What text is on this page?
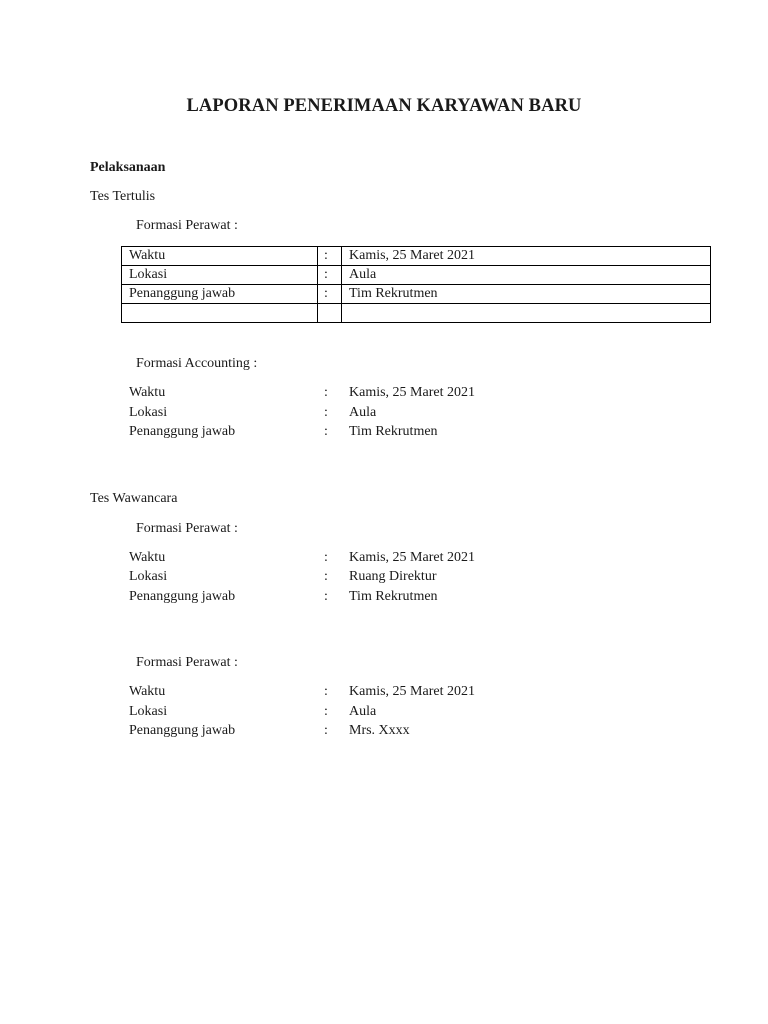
LAPORAN PENERIMAAN KARYAWAN BARU
Pelaksanaan
Tes Tertulis
Formasi Perawat :
Waktu	:	Kamis, 25 Maret 2021
Lokasi	:	Aula
Penanggung jawab	:	Tim Rekrutmen

Formasi Accounting :
Waktu	: Kamis, 25 Maret 2021
Lokasi	: Aula
Penanggung jawab	: Tim Rekrutmen
Tes Wawancara
Formasi Perawat :
Waktu	: Kamis, 25 Maret 2021
Lokasi	: Ruang Direktur
Penanggung jawab	: Tim Rekrutmen
Formasi Perawat :
Waktu	: Kamis, 25 Maret 2021
Lokasi	: Aula
Penanggung jawab	: Mrs. Xxxx
